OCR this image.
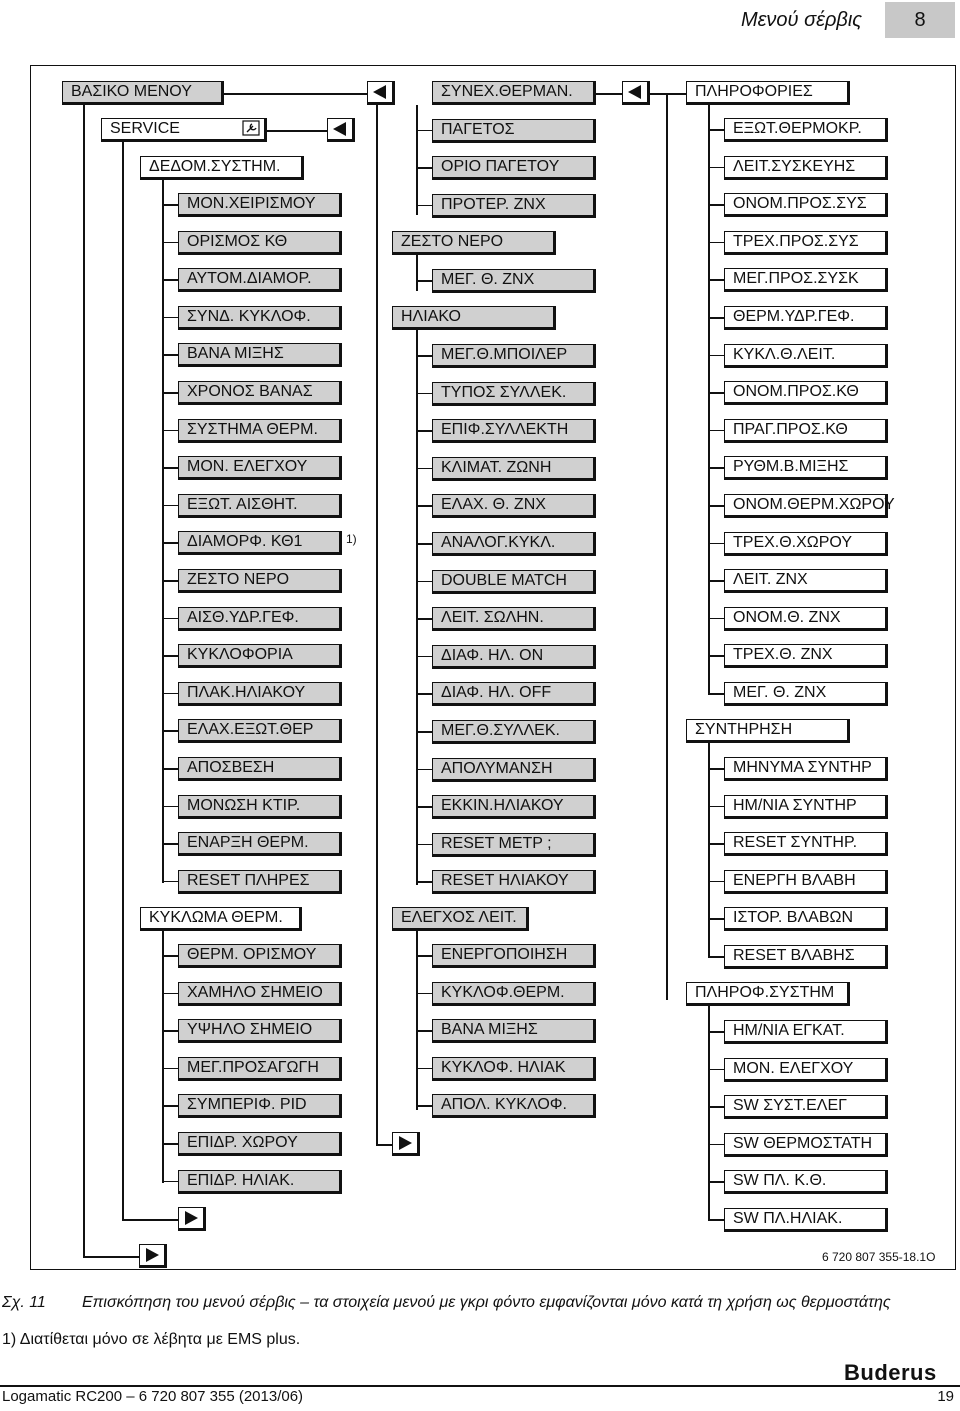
Μενού σέρβις	8
ΒΑΣΙΚΟ ΜΕΝΟΥ
SERVICE
ΔΕΔΟΜ.ΣΥΣΤΗΜ.
ΜΟΝ.ΧΕΙΡΙΣΜΟΥ
ΟΡΙΣΜΟΣ ΚΘ
ΑΥΤΟΜ.ΔΙΑΜΟΡ.
ΣΥΝΔ. ΚΥΚΛΟΦ.
ΒΑΝΑ ΜΙΞΗΣ
ΧΡΟΝΟΣ ΒΑΝΑΣ
ΣΥΣΤΗΜΑ ΘΕΡΜ.
ΜΟΝ. ΕΛΕΓΧΟΥ
ΕΞΩΤ. ΑΙΣΘΗΤ.
ΔΙΑΜΟΡΦ. ΚΘ1
ΖΕΣΤΟ ΝΕΡΟ
ΑΙΣΘ.ΥΔΡ.ΓΕΦ.
ΚΥΚΛΟΦΟΡΙΑ
ΠΛΑΚ.ΗΛΙΑΚΟΥ
ΕΛΑΧ.ΕΞΩΤ.ΘΕΡ
ΑΠΟΣΒΕΣΗ
ΜΟΝΩΣΗ ΚΤΙΡ.
ΕΝΑΡΞΗ ΘΕΡΜ.
RESET ΠΛΗΡΕΣ
ΚΥΚΛΩΜΑ ΘΕΡΜ.
ΘΕΡΜ. ΟΡΙΣΜΟΥ
ΧΑΜΗΛΟ ΣΗΜΕΙΟ
ΥΨΗΛΟ ΣΗΜΕΙΟ
ΜΕΓ.ΠΡΟΣΑΓΩΓΗ
ΣΥΜΠΕΡΙΦ. PID
ΕΠΙΔΡ. ΧΩΡΟΥ
ΕΠΙΔΡ. ΗΛΙΑΚ.
1)
ΖΕΣΤΟ ΝΕΡΟ
ΗΛΙΑΚΟ
ΕΛΕΓΧΟΣ ΛΕΙΤ.
ΣΥΝΕΧ.ΘΕΡΜΑΝ.
ΠΑΓΕΤΟΣ
ΟΡΙΟ ΠΑΓΕΤΟΥ
ΠΡΟΤΕΡ. ΖΝΧ
ΜΕΓ. Θ. ΖΝΧ
ΜΕΓ.Θ.ΜΠΟΙΛΕΡ
ΤΥΠΟΣ ΣΥΛΛΕΚ.
ΕΠΙΦ.ΣΥΛΛΕΚΤΗ
ΚΛΙΜΑΤ. ΖΩΝΗ
ΕΛΑΧ. Θ. ΖΝΧ
ΑΝΑΛΟΓ.ΚΥΚΛ.
DOUBLE MATCH
ΛΕΙΤ. ΣΩΛΗΝ.
ΔΙΑΦ. ΗΛ. ON
ΔΙΑΦ. ΗΛ. OFF
ΜΕΓ.Θ.ΣΥΛΛΕΚ.
ΑΠΟΛΥΜΑΝΣΗ
ΕΚΚΙΝ.ΗΛΙΑΚΟΥ
RESET ΜΕΤΡ ;
RESET ΗΛΙΑΚΟΥ
ΕΝΕΡΓΟΠΟΙΗΣΗ
ΚΥΚΛΟΦ.ΘΕΡΜ.
ΒΑΝΑ ΜΙΞΗΣ
ΚΥΚΛΟΦ. ΗΛΙΑΚ
ΑΠΟΛ. ΚΥΚΛΟΦ.
ΠΛΗΡΟΦΟΡΙΕΣ
ΣΥΝΤΗΡΗΣΗ
ΠΛΗΡΟΦ.ΣΥΣΤΗΜ
ΕΞΩΤ.ΘΕΡΜΟΚΡ.
ΛΕΙΤ.ΣΥΣΚΕΥΗΣ
ΟΝΟΜ.ΠΡΟΣ.ΣΥΣ
ΤΡΕΧ.ΠΡΟΣ.ΣΥΣ
ΜΕΓ.ΠΡΟΣ.ΣΥΣΚ
ΘΕΡΜ.ΥΔΡ.ΓΕΦ.
ΚΥΚΛ.Θ.ΛΕΙΤ.
ΟΝΟΜ.ΠΡΟΣ.ΚΘ
ΠΡΑΓ.ΠΡΟΣ.ΚΘ
ΡΥΘΜ.Β.ΜΙΞΗΣ
ΟΝΟΜ.ΘΕΡΜ.ΧΩΡΟΥ
ΤΡΕΧ.Θ.ΧΩΡΟΥ
ΛΕΙΤ. ΖΝΧ
ΟΝΟΜ.Θ. ΖΝΧ
ΤΡΕΧ.Θ. ΖΝΧ
ΜΕΓ. Θ. ΖΝΧ
ΜΗΝΥΜΑ ΣΥΝΤΗΡ
ΗΜ/ΝΙΑ ΣΥΝΤΗΡ
RESET ΣΥΝΤΗΡ.
ΕΝΕΡΓΗ ΒΛΑΒΗ
ΙΣΤΟΡ. ΒΛΑΒΩΝ
RESET ΒΛΑΒΗΣ
ΗΜ/ΝΙΑ ΕΓΚΑΤ.
ΜΟΝ. ΕΛΕΓΧΟΥ
SW ΣΥΣΤ.ΕΛΕΓ
SW ΘΕΡΜΟΣΤΑΤΗ
SW ΠΛ. Κ.Θ.
SW ΠΛ.ΗΛΙΑΚ.
6 720 807 355-18.1O
Σχ. 11 Επισκόπηση του μενού σέρβις – τα στοιχεία μενού με γκρι φόντο εμφανίζονται μόνο κατά τη χρήση ως θερμοστάτης
1) Διατίθεται μόνο σε λέβητα με EMS plus.
Buderus
Logamatic RC200 – 6 720 807 355 (2013/06)	19
